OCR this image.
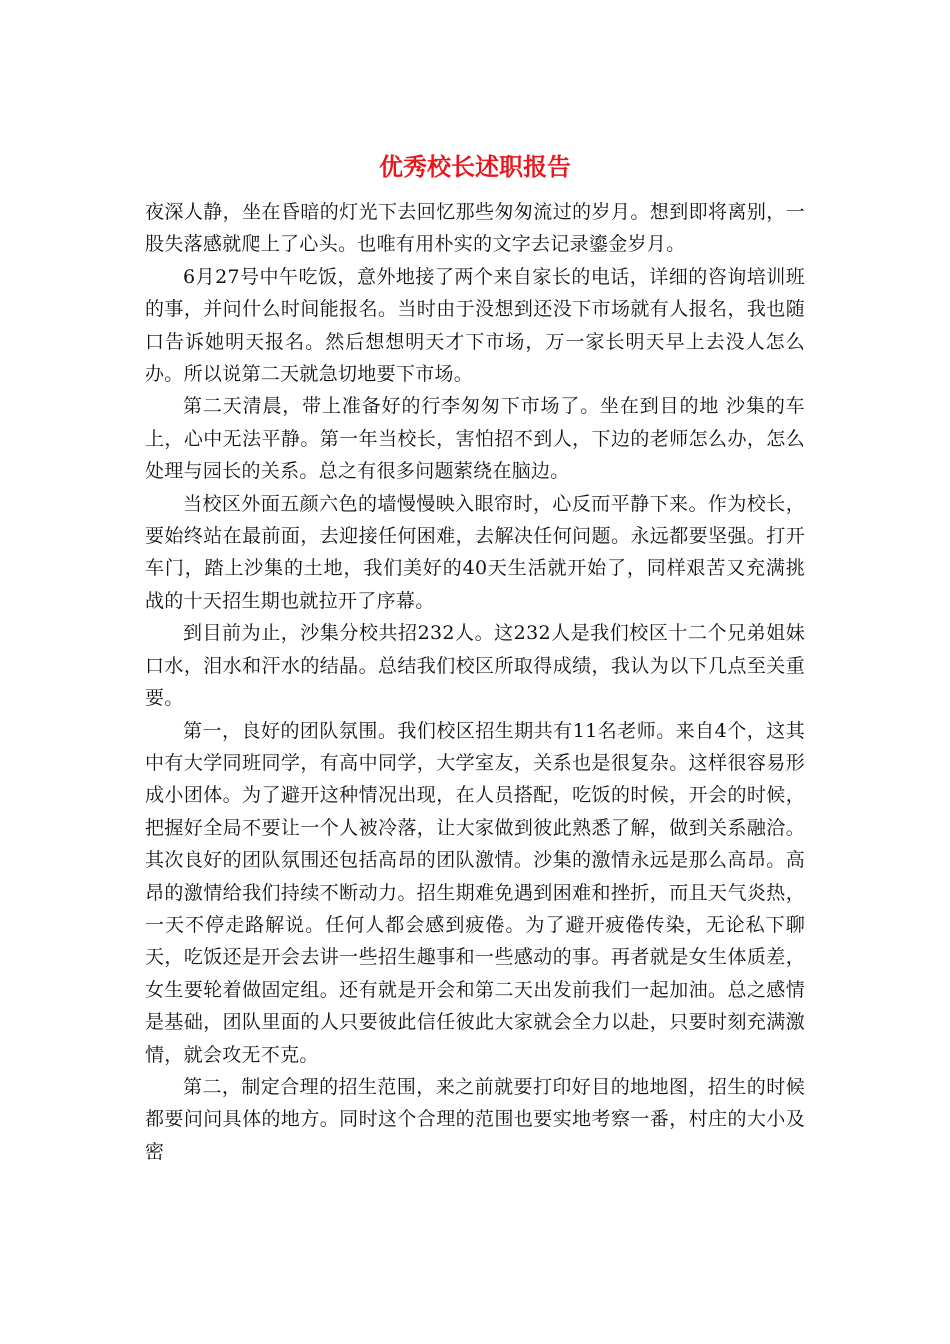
优秀校长述职报告

夜深人静，坐在昏暗的灯光下去回忆那些匆匆流过的岁月。想到即将离别，一股失落感就爬上了心头。也唯有用朴实的文字去记录鎏金岁月。

6月27号中午吃饭，意外地接了两个来自家长的电话，详细的咨询培训班的事，并问什么时间能报名。当时由于没想到还没下市场就有人报名，我也随口告诉她明天报名。然后想想明天才下市场，万一家长明天早上去没人怎么办。所以说第二天就急切地要下市场。

第二天清晨，带上准备好的行李匆匆下市场了。坐在到目的地 沙集的车上，心中无法平静。第一年当校长，害怕招不到人，下边的老师怎么办，怎么处理与园长的关系。总之有很多问题萦绕在脑边。

当校区外面五颜六色的墙慢慢映入眼帘时，心反而平静下来。作为校长，要始终站在最前面，去迎接任何困难，去解决任何问题。永远都要坚强。打开车门，踏上沙集的土地，我们美好的40天生活就开始了，同样艰苦又充满挑战的十天招生期也就拉开了序幕。

到目前为止，沙集分校共招232人。这232人是我们校区十二个兄弟姐妹口水，泪水和汗水的结晶。总结我们校区所取得成绩，我认为以下几点至关重要。

第一，良好的团队氛围。我们校区招生期共有11名老师。来自4个，这其中有大学同班同学，有高中同学，大学室友，关系也是很复杂。这样很容易形成小团体。为了避开这种情况出现，在人员搭配，吃饭的时候，开会的时候，把握好全局不要让一个人被冷落，让大家做到彼此熟悉了解，做到关系融洽。其次良好的团队氛围还包括高昂的团队激情。沙集的激情永远是那么高昂。高昂的激情给我们持续不断动力。招生期难免遇到困难和挫折，而且天气炎热，一天不停走路解说。任何人都会感到疲倦。为了避开疲倦传染，无论私下聊天，吃饭还是开会去讲一些招生趣事和一些感动的事。再者就是女生体质差，女生要轮着做固定组。还有就是开会和第二天出发前我们一起加油。总之感情是基础，团队里面的人只要彼此信任彼此大家就会全力以赴，只要时刻充满激情，就会攻无不克。

第二，制定合理的招生范围，来之前就要打印好目的地地图，招生的时候都要问问具体的地方。同时这个合理的范围也要实地考察一番，村庄的大小及密
